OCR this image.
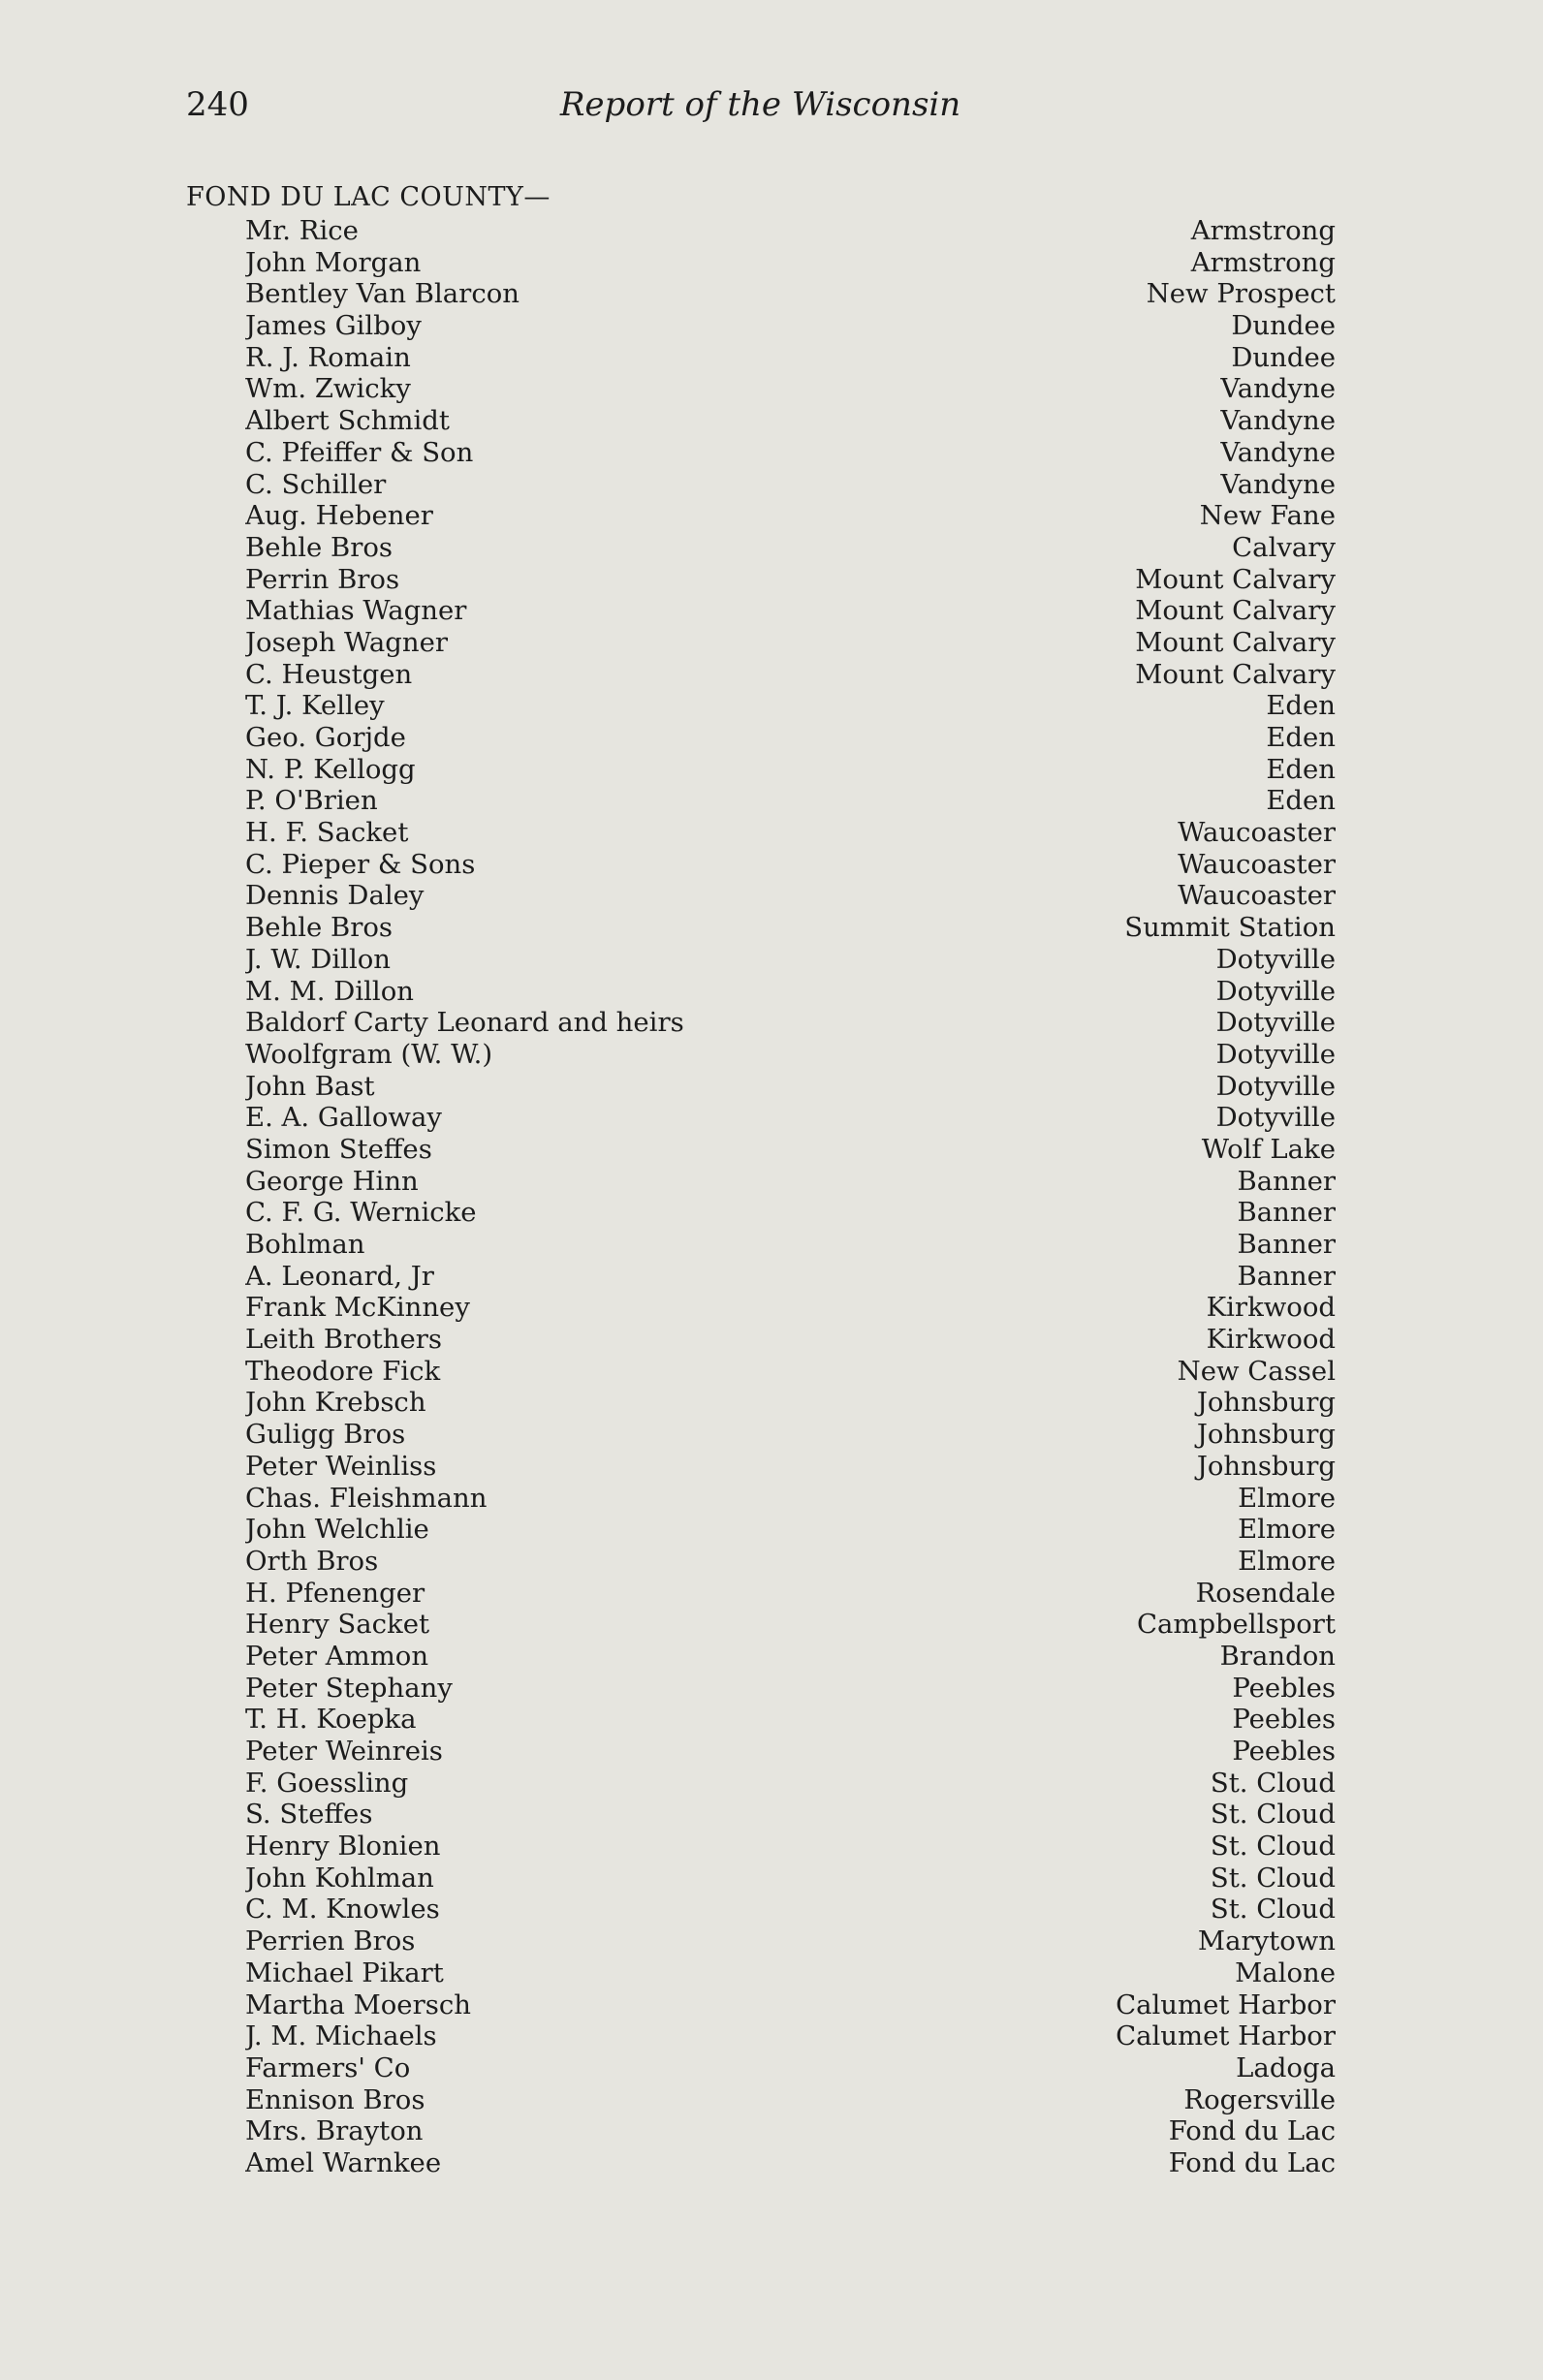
240	Report of the Wisconsin
FOND DU LAC COUNTY—
Mr. Rice	Armstrong
John Morgan	Armstrong
Bentley Van Blarcon	New Prospect
James Gilboy	Dundee
R. J. Romain	Dundee
Wm. Zwicky	Vandyne
Albert Schmidt	Vandyne
C. Pfeiffer & Son	Vandyne
C. Schiller	Vandyne
Aug. Hebener	New Fane
Behle Bros	Calvary
Perrin Bros	Mount Calvary
Mathias Wagner	Mount Calvary
Joseph Wagner	Mount Calvary
C. Heustgen	Mount Calvary
T. J. Kelley	Eden
Geo. Gorjde	Eden
N. P. Kellogg	Eden
P. O'Brien	Eden
H. F. Sacket	Waucoaster
C. Pieper & Sons	Waucoaster
Dennis Daley	Waucoaster
Behle Bros	Summit Station
J. W. Dillon	Dotyville
M. M. Dillon	Dotyville
Baldorf Carty Leonard and heirs	Dotyville
Woolfgram (W. W.)	Dotyville
John Bast	Dotyville
E. A. Galloway	Dotyville
Simon Steffes	Wolf Lake
George Hinn	Banner
C. F. G. Wernicke	Banner
Bohlman	Banner
A. Leonard, Jr	Banner
Frank McKinney	Kirkwood
Leith Brothers	Kirkwood
Theodore Fick	New Cassel
John Krebsch	Johnsburg
Guligg Bros	Johnsburg
Peter Weinliss	Johnsburg
Chas. Fleishmann	Elmore
John Welchlie	Elmore
Orth Bros	Elmore
H. Pfenenger	Rosendale
Henry Sacket	Campbellsport
Peter Ammon	Brandon
Peter Stephany	Peebles
T. H. Koepka	Peebles
Peter Weinreis	Peebles
F. Goessling	St. Cloud
S. Steffes	St. Cloud
Henry Blonien	St. Cloud
John Kohlman	St. Cloud
C. M. Knowles	St. Cloud
Perrien Bros	Marytown
Michael Pikart	Malone
Martha Moersch	Calumet Harbor
J. M. Michaels	Calumet Harbor
Farmers' Co	Ladoga
Ennison Bros	Rogersville
Mrs. Brayton	Fond du Lac
Amel Warnkee	Fond du Lac
